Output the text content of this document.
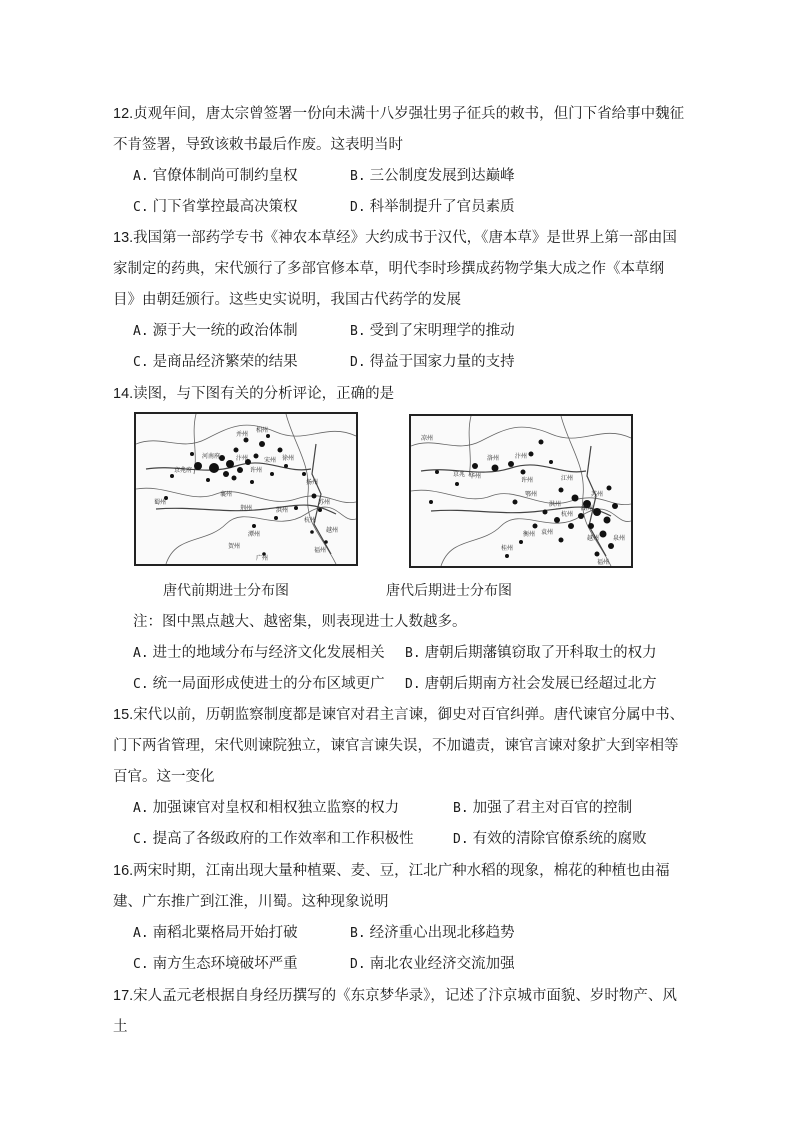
12.贞观年间，唐太宗曾签署一份向未满十八岁强壮男子征兵的敕书，但门下省给事中魏征不肯签署，导致该敕书最后作废。这表明当时

A. 官僚体制尚可制约皇权	B. 三公制度发展到达巅峰
C. 门下省掌控最高决策权	D. 科举制提升了官员素质

13.我国第一部药学专书《神农本草经》大约成书于汉代，《唐本草》是世界上第一部由国家制定的药典，宋代颁行了多部官修本草，明代李时珍撰成药物学集大成之作《本草纲目》由朝廷颁行。这些史实说明，我国古代药学的发展

A. 源于大一统的政治体制	B. 受到了宋明理学的推动
C. 是商品经济繁荣的结果	D. 得益于国家力量的支持

14.读图，与下图有关的分析评论，正确的是

并州
相州
京兆府
河南府	汴州
许州
宋州 徐州
扬州
苏州
杭州
越州
襄州
荆州	洪州
潭州
广州
福州
贺州
蜀州
凉州
京兆 华州
洛州	汴州
许州
苏州
湖州
杭州
越州
福州
泉州
桂州
衡州 袁州
洪州
江州
鄂州
唐代前期进士分布图	唐代后期进士分布图
注：图中黑点越大、越密集，则表现进士人数越多。
A. 进士的地域分布与经济文化发展相关 B. 唐朝后期藩镇窃取了开科取士的权力
C. 统一局面形成使进士的分布区域更广 D. 唐朝后期南方社会发展已经超过北方

15.宋代以前，历朝监察制度都是谏官对君主言谏，御史对百官纠弹。唐代谏官分属中书、门下两省管理，宋代则谏院独立，谏官言谏失误，不加谴责，谏官言谏对象扩大到宰相等百官。这一变化

A. 加强谏官对皇权和相权独立监察的权力	B. 加强了君主对百官的控制
C. 提高了各级政府的工作效率和工作积极性	D. 有效的清除官僚系统的腐败

16.两宋时期，江南出现大量种植粟、麦、豆，江北广种水稻的现象，棉花的种植也由福建、广东推广到江淮，川蜀。这种现象说明

A. 南稻北粟格局开始打破	B. 经济重心出现北移趋势
C. 南方生态环境破坏严重	D. 南北农业经济交流加强

17.宋人孟元老根据自身经历撰写的《东京梦华录》，记述了汴京城市面貌、岁时物产、风土
